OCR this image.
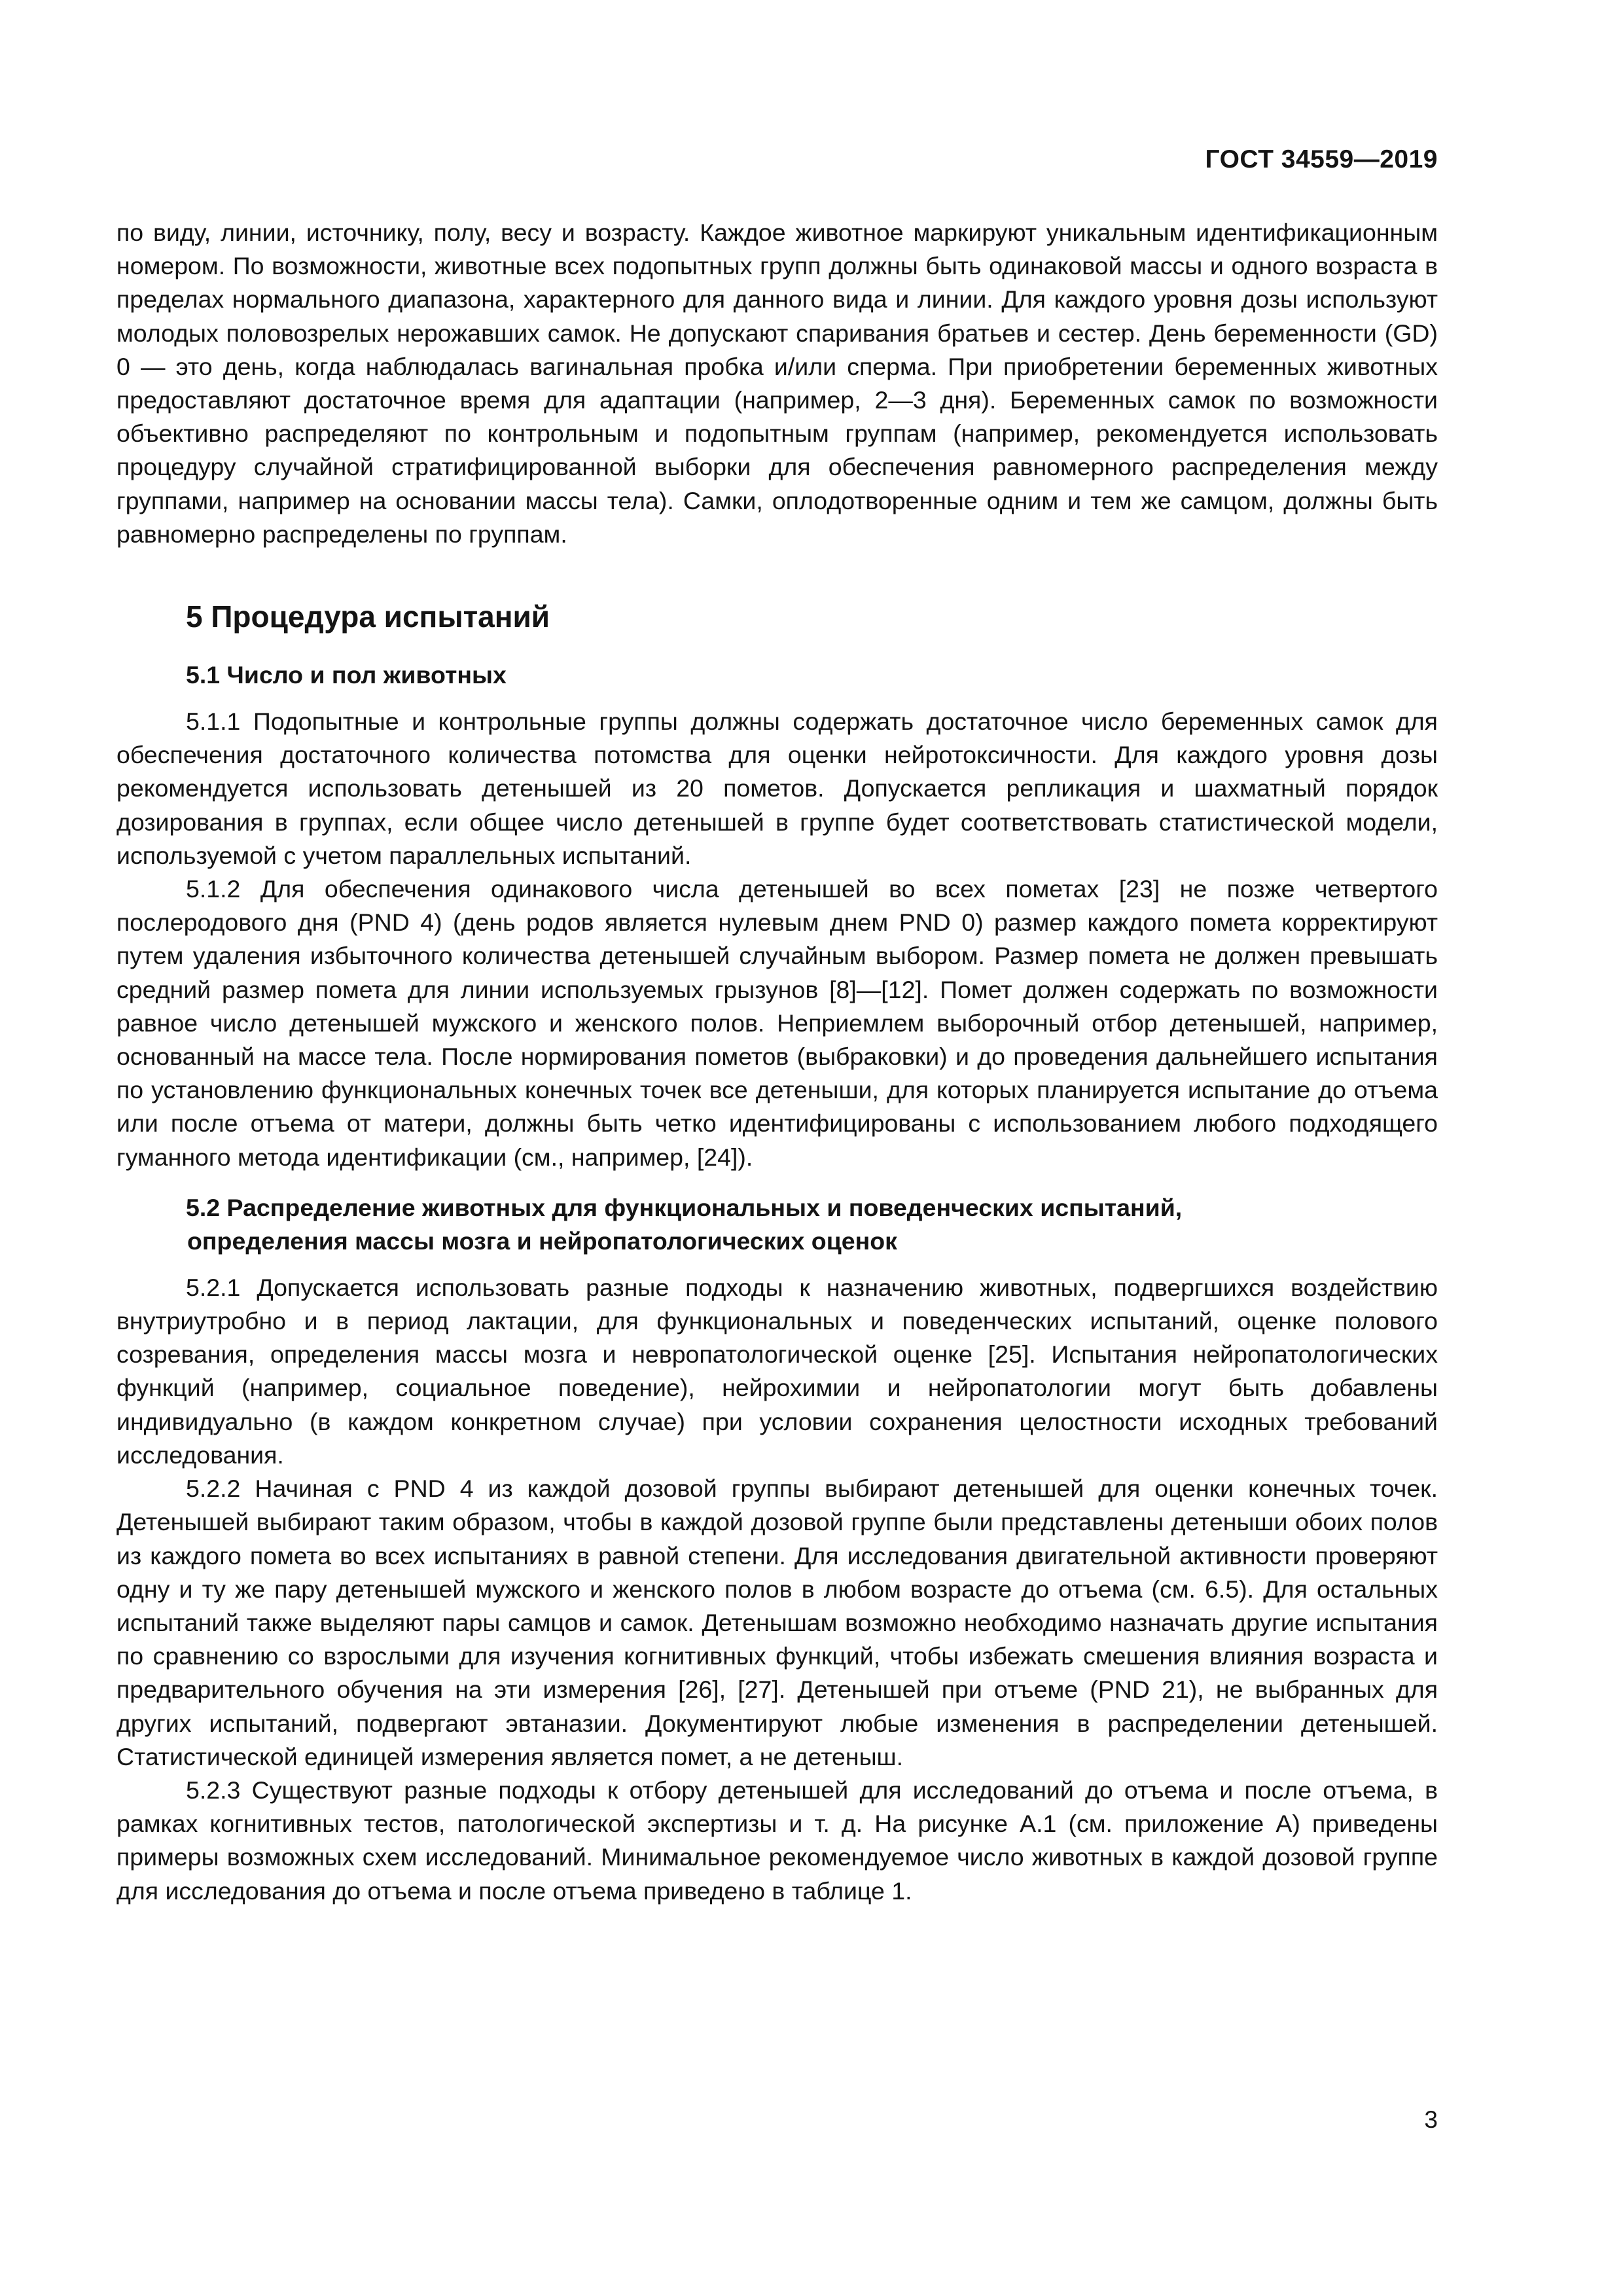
ГОСТ 34559—2019

по виду, линии, источнику, полу, весу и возрасту. Каждое животное маркируют уникальным идентификационным номером. По возможности, животные всех подопытных групп должны быть одинаковой массы и одного возраста в пределах нормального диапазона, характерного для данного вида и линии. Для каждого уровня дозы используют молодых половозрелых нерожавших самок. Не допускают спаривания братьев и сестер. День беременности (GD) 0 — это день, когда наблюдалась вагинальная пробка и/или сперма. При приобретении беременных животных предоставляют достаточное время для адаптации (например, 2—3 дня). Беременных самок по возможности объективно распределяют по контрольным и подопытным группам (например, рекомендуется использовать процедуру случайной стратифицированной выборки для обеспечения равномерного распределения между группами, например на основании массы тела). Самки, оплодотворенные одним и тем же самцом, должны быть равномерно распределены по группам.

5 Процедура испытаний
5.1 Число и пол животных

5.1.1 Подопытные и контрольные группы должны содержать достаточное число беременных самок для обеспечения достаточного количества потомства для оценки нейротоксичности. Для каждого уровня дозы рекомендуется использовать детенышей из 20 пометов. Допускается репликация и шахматный порядок дозирования в группах, если общее число детенышей в группе будет соответствовать статистической модели, используемой с учетом параллельных испытаний.

5.1.2 Для обеспечения одинакового числа детенышей во всех пометах [23] не позже четвертого послеродового дня (PND 4) (день родов является нулевым днем PND 0) размер каждого помета корректируют путем удаления избыточного количества детенышей случайным выбором. Размер помета не должен превышать средний размер помета для линии используемых грызунов [8]—[12]. Помет должен содержать по возможности равное число детенышей мужского и женского полов. Неприемлем выборочный отбор детенышей, например, основанный на массе тела. После нормирования пометов (выбраковки) и до проведения дальнейшего испытания по установлению функциональных конечных точек все детеныши, для которых планируется испытание до отъема или после отъема от матери, должны быть четко идентифицированы с использованием любого подходящего гуманного метода идентификации (см., например, [24]).

5.2 Распределение животных для функциональных и поведенческих испытаний,
определения массы мозга и нейропатологических оценок

5.2.1 Допускается использовать разные подходы к назначению животных, подвергшихся воздействию внутриутробно и в период лактации, для функциональных и поведенческих испытаний, оценке полового созревания, определения массы мозга и невропатологической оценке [25]. Испытания нейропатологических функций (например, социальное поведение), нейрохимии и нейропатологии могут быть добавлены индивидуально (в каждом конкретном случае) при условии сохранения целостности исходных требований исследования.

5.2.2 Начиная с PND 4 из каждой дозовой группы выбирают детенышей для оценки конечных точек. Детенышей выбирают таким образом, чтобы в каждой дозовой группе были представлены детеныши обоих полов из каждого помета во всех испытаниях в равной степени. Для исследования двигательной активности проверяют одну и ту же пару детенышей мужского и женского полов в любом возрасте до отъема (см. 6.5). Для остальных испытаний также выделяют пары самцов и самок. Детенышам возможно необходимо назначать другие испытания по сравнению со взрослыми для изучения когнитивных функций, чтобы избежать смешения влияния возраста и предварительного обучения на эти измерения [26], [27]. Детенышей при отъеме (PND 21), не выбранных для других испытаний, подвергают эвтаназии. Документируют любые изменения в распределении детенышей. Статистической единицей измерения является помет, а не детеныш.

5.2.3 Существуют разные подходы к отбору детенышей для исследований до отъема и после отъема, в рамках когнитивных тестов, патологической экспертизы и т. д. На рисунке А.1 (см. приложение А) приведены примеры возможных схем исследований. Минимальное рекомендуемое число животных в каждой дозовой группе для исследования до отъема и после отъема приведено в таблице 1.

3
